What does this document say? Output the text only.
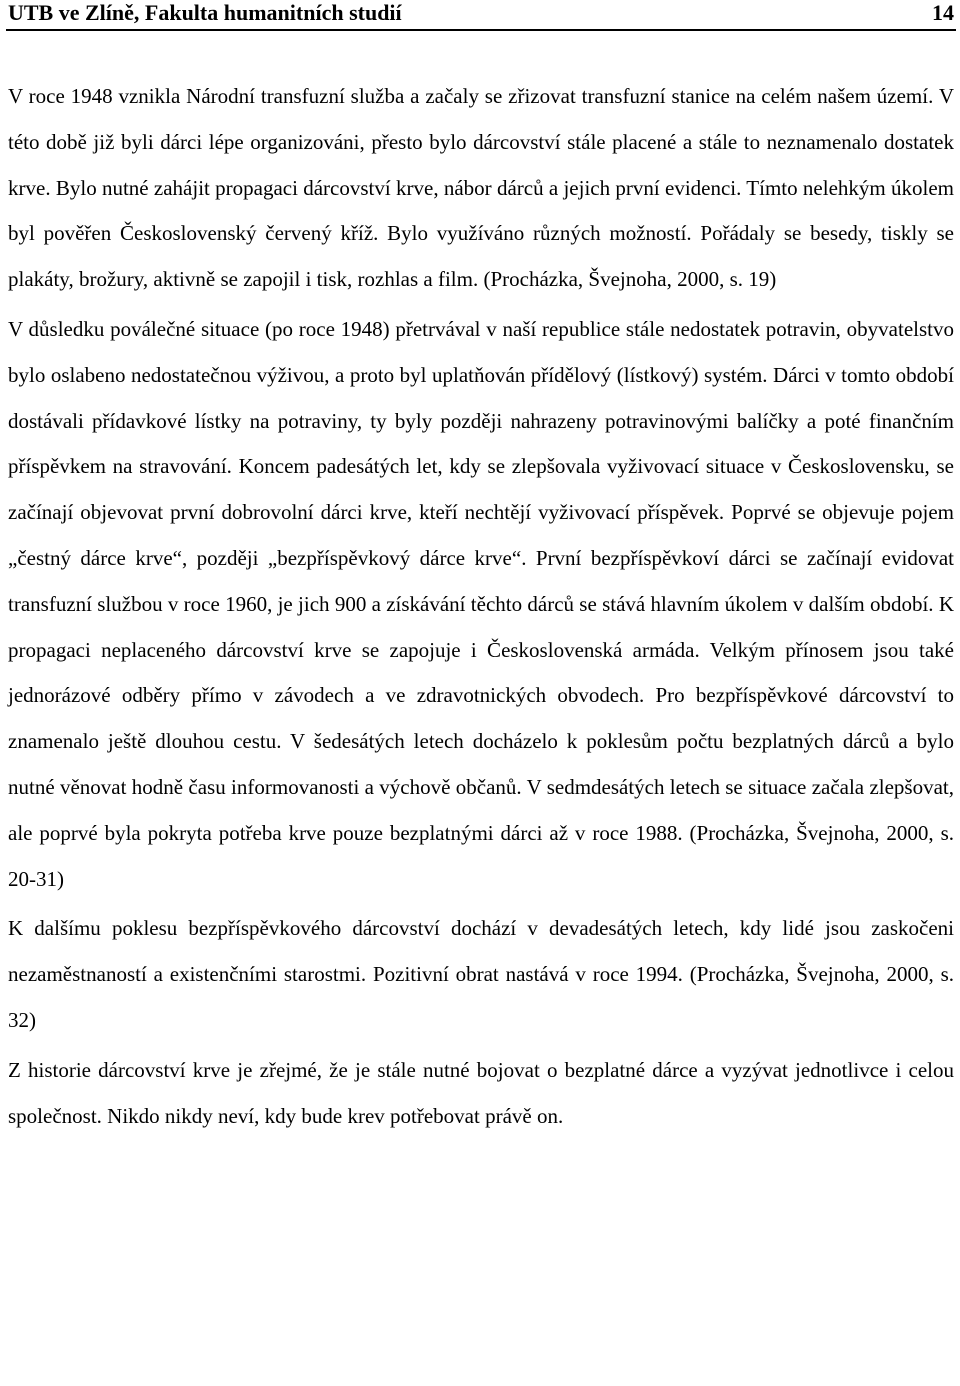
UTB ve Zlíně, Fakulta humanitních studií	14

V roce 1948 vznikla Národní transfuzní služba a začaly se zřizovat transfuzní stanice na celém našem území. V této době již byli dárci lépe organizováni, přesto bylo dárcovství stále placené a stále to neznamenalo dostatek krve. Bylo nutné zahájit propagaci dárcovství krve, nábor dárců a jejich první evidenci. Tímto nelehkým úkolem byl pověřen Československý červený kříž. Bylo využíváno různých možností. Pořádaly se besedy, tiskly se plakáty, brožury, aktivně se zapojil i tisk, rozhlas a film. (Procházka, Švejnoha, 2000, s. 19)

V důsledku poválečné situace (po roce 1948) přetrvával v naší republice stále nedostatek potravin, obyvatelstvo bylo oslabeno nedostatečnou výživou, a proto byl uplatňován přídělový (lístkový) systém. Dárci v tomto období dostávali přídavkové lístky na potraviny, ty byly později nahrazeny potravinovými balíčky a poté finančním příspěvkem na stravování. Koncem padesátých let, kdy se zlepšovala vyživovací situace v Československu, se začínají objevovat první dobrovolní dárci krve, kteří nechtějí vyživovací příspěvek. Poprvé se objevuje pojem „čestný dárce krve“, později „bezpříspěvkový dárce krve“. První bezpříspěvkoví dárci se začínají evidovat transfuzní službou v roce 1960, je jich 900 a získávání těchto dárců se stává hlavním úkolem v dalším období. K propagaci neplaceného dárcovství krve se zapojuje i Československá armáda. Velkým přínosem jsou také jednorázové odběry přímo v závodech a ve zdravotnických obvodech. Pro bezpříspěvkové dárcovství to znamenalo ještě dlouhou cestu. V šedesátých letech docházelo k poklesům počtu bezplatných dárců a bylo nutné věnovat hodně času informovanosti a výchově občanů. V sedmdesátých letech se situace začala zlepšovat, ale poprvé byla pokryta potřeba krve pouze bezplatnými dárci až v roce 1988. (Procházka, Švejnoha, 2000, s. 20-31)

K dalšímu poklesu bezpříspěvkového dárcovství dochází v devadesátých letech, kdy lidé jsou zaskočeni nezaměstnaností a existenčními starostmi. Pozitivní obrat nastává v roce 1994. (Procházka, Švejnoha, 2000, s. 32)

Z historie dárcovství krve je zřejmé, že je stále nutné bojovat o bezplatné dárce a vyzývat jednotlivce i celou společnost. Nikdo nikdy neví, kdy bude krev potřebovat právě on.
